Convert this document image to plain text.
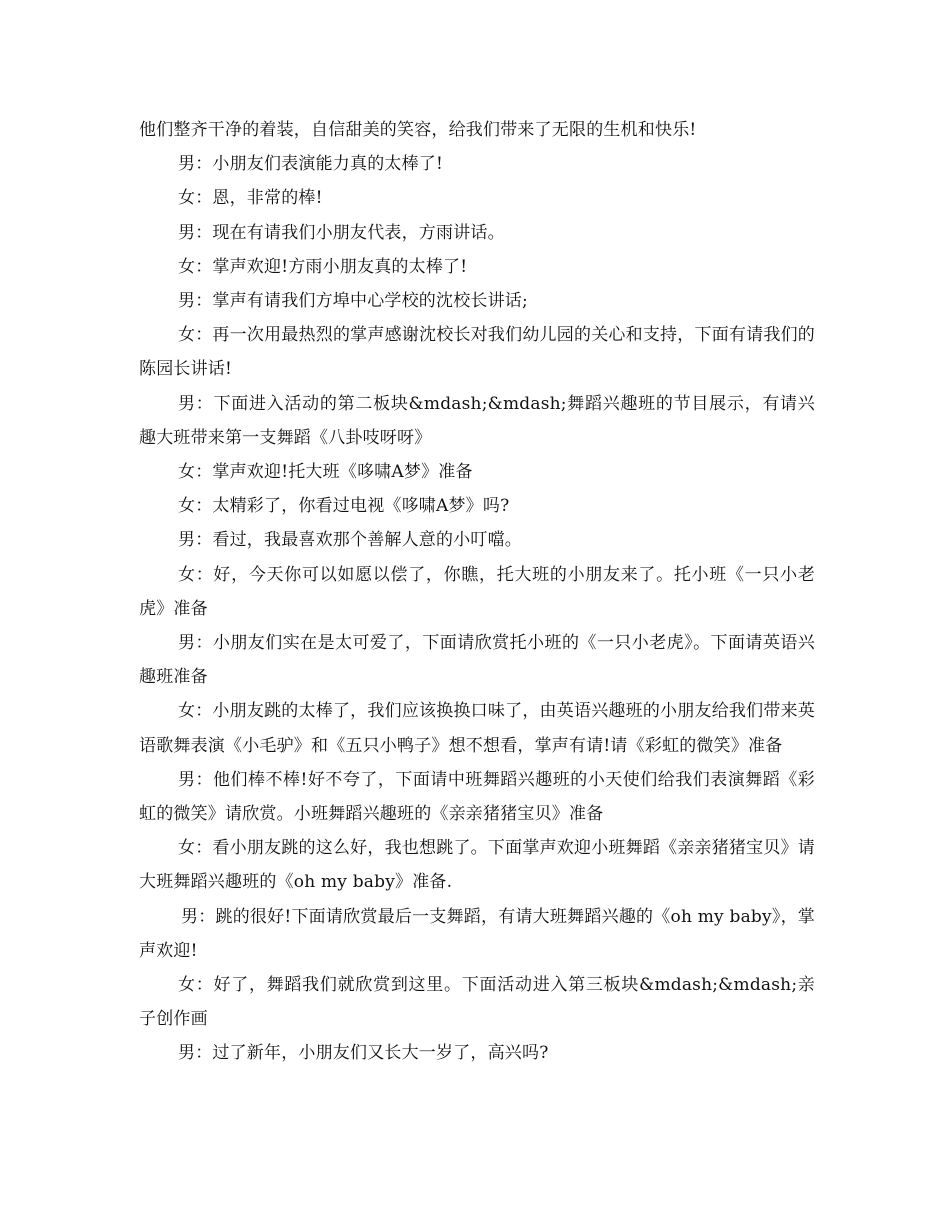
他们整齐干净的着装，自信甜美的笑容，给我们带来了无限的生机和快乐!

男：小朋友们表演能力真的太棒了!

女：恩，非常的棒!

男：现在有请我们小朋友代表，方雨讲话。

女：掌声欢迎!方雨小朋友真的太棒了!

男：掌声有请我们方埠中心学校的沈校长讲话;

女：再一次用最热烈的掌声感谢沈校长对我们幼儿园的关心和支持，下面有请我们的陈园长讲话!

男：下面进入活动的第二板块&mdash;&mdash;舞蹈兴趣班的节目展示，有请兴趣大班带来第一支舞蹈《八卦吱呀呀》

女：掌声欢迎!托大班《哆啸A梦》准备

女：太精彩了，你看过电视《哆啸A梦》吗?

男：看过，我最喜欢那个善解人意的小叮噹。

女：好，今天你可以如愿以偿了，你瞧，托大班的小朋友来了。托小班《一只小老虎》准备

男：小朋友们实在是太可爱了，下面请欣赏托小班的《一只小老虎》。下面请英语兴趣班准备

女：小朋友跳的太棒了，我们应该换换口味了，由英语兴趣班的小朋友给我们带来英语歌舞表演《小毛驴》和《五只小鸭子》想不想看，掌声有请!请《彩虹的微笑》准备

男：他们棒不棒!好不夸了，下面请中班舞蹈兴趣班的小天使们给我们表演舞蹈《彩虹的微笑》请欣赏。小班舞蹈兴趣班的《亲亲猪猪宝贝》准备

女：看小朋友跳的这么好，我也想跳了。下面掌声欢迎小班舞蹈《亲亲猪猪宝贝》请大班舞蹈兴趣班的《oh my baby》准备.

男：跳的很好!下面请欣赏最后一支舞蹈，有请大班舞蹈兴趣的《oh my baby》，掌声欢迎!

女：好了，舞蹈我们就欣赏到这里。下面活动进入第三板块&mdash;&mdash;亲子创作画

男：过了新年，小朋友们又长大一岁了，高兴吗?
